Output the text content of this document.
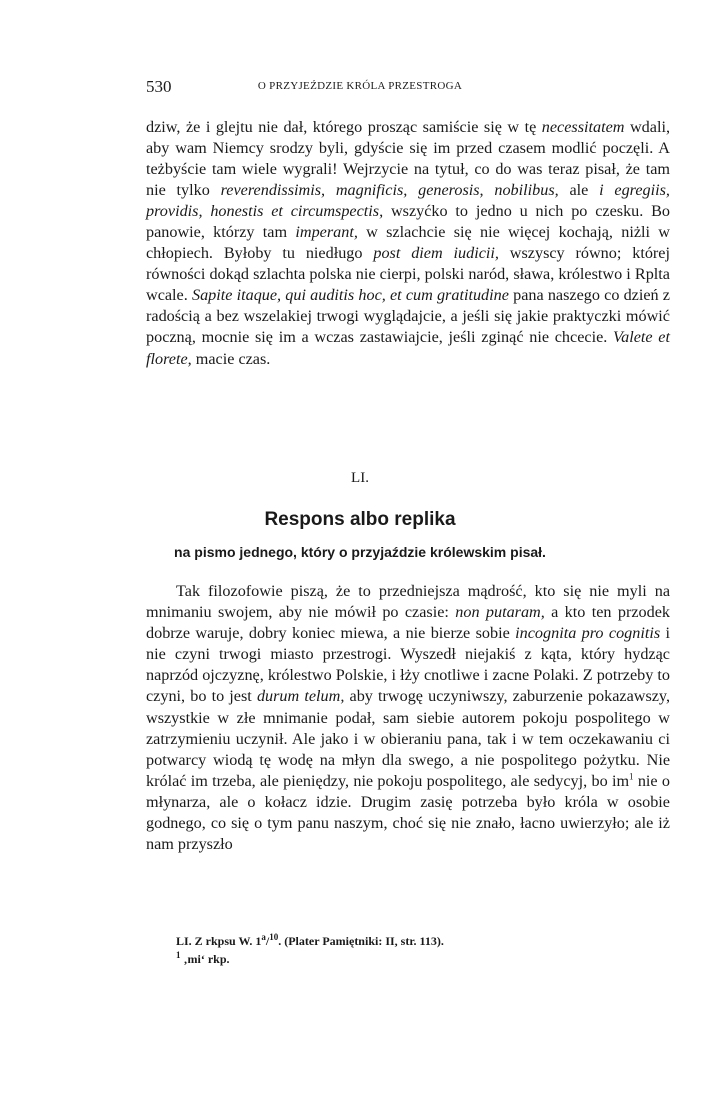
530	O PRZYJEŹDZIE KRÓLA PRZESTROGA

dziw, że i glejtu nie dał, którego prosząc samiście się w tę necessitatem wdali, aby wam Niemcy srodzy byli, gdyście się im przed czasem modlić poczęli. A teżbyście tam wiele wygrali! Wejrzycie na tytuł, co do was teraz pisał, że tam nie tylko reverendissimis, magnificis, generosis, nobilibus, ale i egregiis, providis, honestis et circumspectis, wszyćko to jedno u nich po czesku. Bo panowie, którzy tam imperant, w szlachcie się nie więcej kochają, niżli w chłopiech. Byłoby tu niedługo post diem iudicii, wszyscy równo; której równości dokąd szlachta polska nie cierpi, polski naród, sława, królestwo i Rplta wcale. Sapite itaque, qui auditis hoc, et cum gratitudine pana naszego co dzień z radością a bez wszelakiej trwogi wyglądajcie, a jeśli się jakie praktyczki mówić poczną, mocnie się im a wczas zastawiajcie, jeśli zginąć nie chcecie. Valete et florete, macie czas.

LI.
Respons albo replika
na pismo jednego, który o przyjaździe królewskim pisał.

Tak filozofowie piszą, że to przedniejsza mądrość, kto się nie myli na mnimaniu swojem, aby nie mówił po czasie: non putaram, a kto ten przodek dobrze waruje, dobry koniec miewa, a nie bierze sobie incognita pro cognitis i nie czyni trwogi miasto przestrogi. Wyszedł niejakiś z kąta, który hydząc naprzód ojczyznę, królestwo Polskie, i łży cnotliwe i zacne Polaki. Z potrzeby to czyni, bo to jest durum telum, aby trwogę uczyniwszy, zaburzenie pokazawszy, wszystkie w złe mnimanie podał, sam siebie autorem pokoju pospolitego w zatrzymieniu uczynił. Ale jako i w obieraniu pana, tak i w tem oczekawaniu ci potwarcy wiodą tę wodę na młyn dla swego, a nie pospolitego pożytku. Nie królać im trzeba, ale pieniędzy, nie pokoju pospolitego, ale sedycyj, bo $im^1$ nie o młynarza, ale o kołacz idzie. Drugim zasię potrzeba było króla w osobie godnego, co się o tym panu naszym, choć się nie znało, łacno uwierzyło; ale iż nam przyszło

LI. Z rkpsu W. 1$^a$/$^{10}$. (Plater Pamiętniki: II, str. 113).
$^1$ ‚mi‘ rkp.
